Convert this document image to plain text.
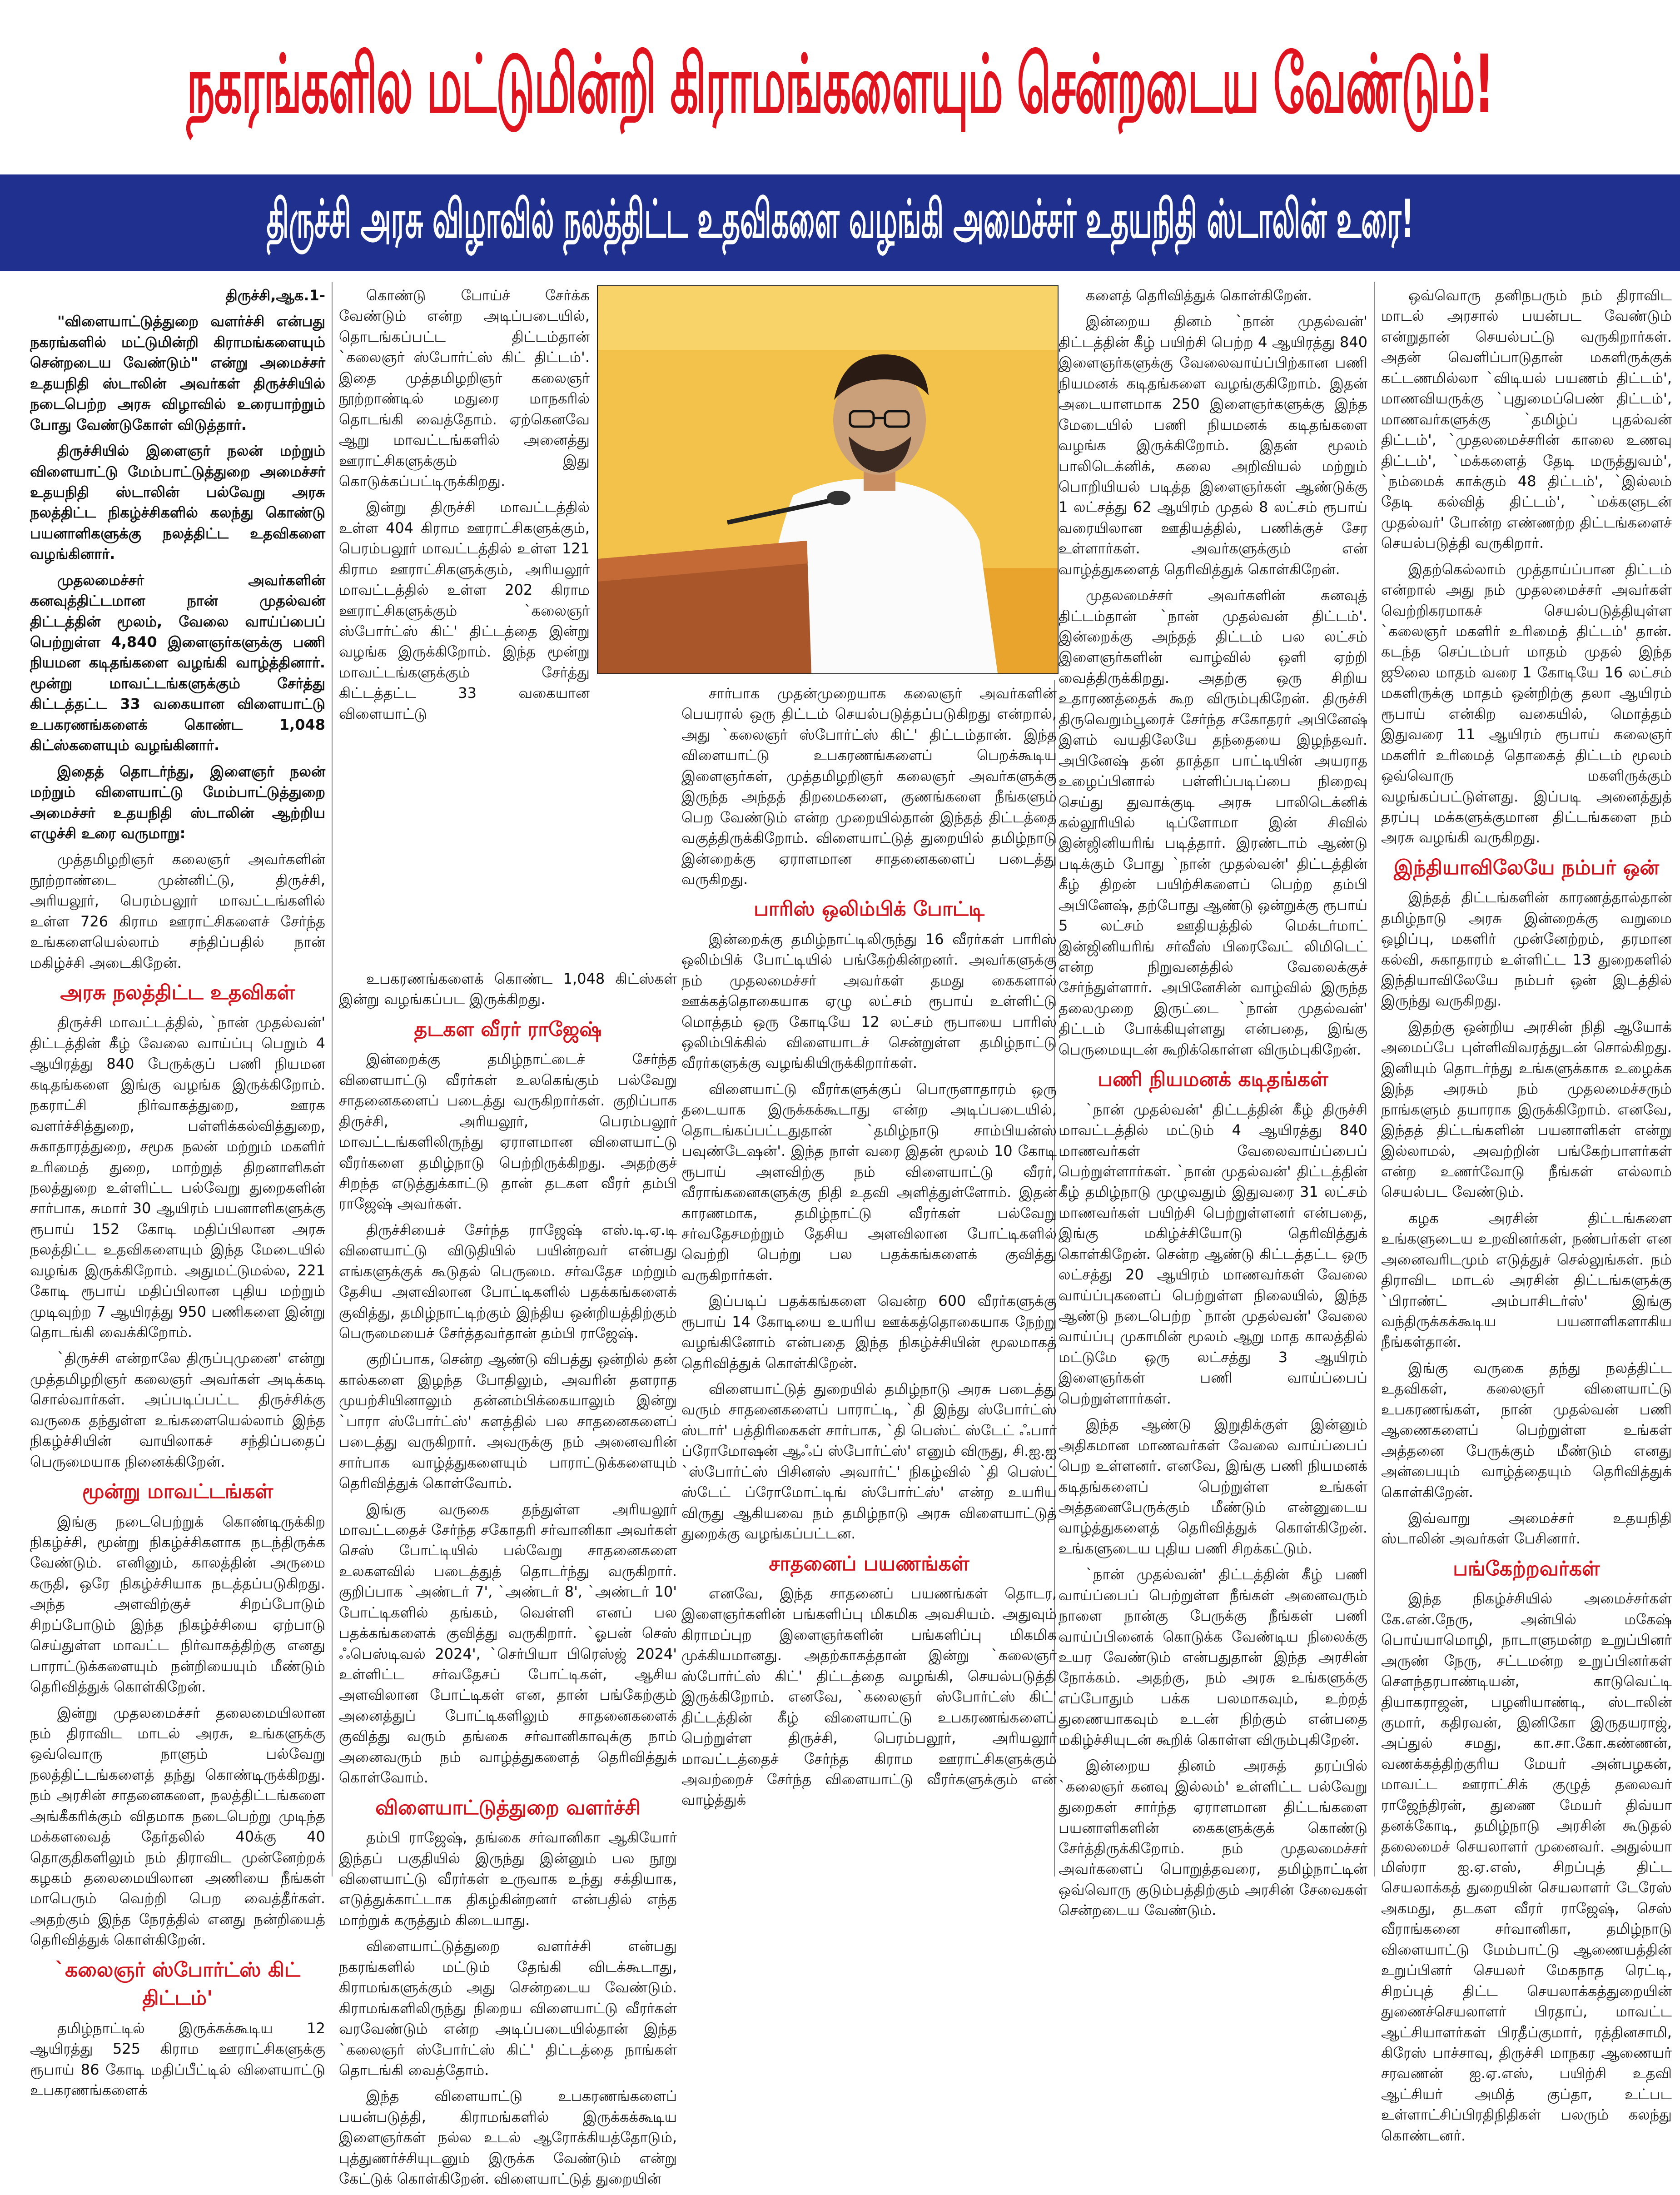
நகரங்களில மட்டுமின்றி கிராமங்களையும் சென்றடைய வேண்டும்!
திருச்சி அரசு விழாவில் நலத்திட்ட உதவிகளை வழங்கி அமைச்சர் உதயநிதி ஸ்டாலின் உரை!

திருச்சி,ஆக.1-

"விளையாட்டுத்துறை வளர்ச்சி என்பது நகரங்களில் மட்டுமின்றி கிராமங்களையும் சென்றடைய வேண்டும்" என்று அமைச்சர் உதயநிதி ஸ்டாலின் அவர்கள் திருச்சியில் நடைபெற்ற அரசு விழாவில் உரையாற்றும் போது வேண்டுகோள் விடுத்தார்.

திருச்சியில் இளைஞர் நலன் மற்றும் விளையாட்டு மேம்பாட்டுத்துறை அமைச்சர் உதயநிதி ஸ்டாலின் பல்வேறு அரசு நலத்திட்ட நிகழ்ச்சிகளில் கலந்து கொண்டு பயனாளிகளுக்கு நலத்திட்ட உதவிகளை வழங்கினார்.

முதலமைச்சர் அவர்களின் கனவுத்திட்டமான நான் முதல்வன் திட்டத்தின் மூலம், வேலை வாய்ப்பைப் பெற்றுள்ள 4,840 இளைஞர்களுக்கு பணி நியமன கடிதங்களை வழங்கி வாழ்த்தினார். மூன்று மாவட்டங்களுக்கும் சேர்த்து கிட்டத்தட்ட 33 வகையான விளையாட்டு உபகரணங்களைக் கொண்ட 1,048 கிட்ஸ்களையும் வழங்கினார்.

இதைத் தொடர்ந்து, இளைஞர் நலன் மற்றும் விளையாட்டு மேம்பாட்டுத்துறை அமைச்சர் உதயநிதி ஸ்டாலின் ஆற்றிய எழுச்சி உரை வருமாறு:

முத்தமிழறிஞர் கலைஞர் அவர்களின் நூற்றாண்டை முன்னிட்டு, திருச்சி, அரியலூர், பெரம்பலூர் மாவட்டங்களில் உள்ள 726 கிராம ஊராட்சிகளைச் சேர்ந்த உங்களையெல்லாம் சந்திப்பதில் நான் மகிழ்ச்சி அடைகிறேன்.

அரசு நலத்திட்ட உதவிகள்

திருச்சி மாவட்டத்தில், `நான் முதல்வன்' திட்டத்தின் கீழ் வேலை வாய்ப்பு பெறும் 4 ஆயிரத்து 840 பேருக்குப் பணி நியமன கடிதங்களை இங்கு வழங்க இருக்கிறோம். நகராட்சி நிர்வாகத்துறை, ஊரக வளர்ச்சித்துறை, பள்ளிக்கல்வித்துறை, சுகாதாரத்துறை, சமூக நலன் மற்றும் மகளிர் உரிமைத் துறை, மாற்றுத் திறனாளிகள் நலத்துறை உள்ளிட்ட பல்வேறு துறைகளின் சார்பாக, சுமார் 30 ஆயிரம் பயனாளிகளுக்கு ரூபாய் 152 கோடி மதிப்பிலான அரசு நலத்திட்ட உதவிகளையும் இந்த மேடையில் வழங்க இருக்கிறோம். அதுமட்டுமல்ல, 221 கோடி ரூபாய் மதிப்பிலான புதிய மற்றும் முடிவுற்ற 7 ஆயிரத்து 950 பணிகளை இன்று தொடங்கி வைக்கிறோம்.

`திருச்சி என்றாலே திருப்புமுனை' என்று முத்தமிழறிஞர் கலைஞர் அவர்கள் அடிக்கடி சொல்வார்கள். அப்படிப்பட்ட திருச்சிக்கு வருகை தந்துள்ள உங்களையெல்லாம் இந்த நிகழ்ச்சியின் வாயிலாகச் சந்திப்பதைப் பெருமையாக நினைக்கிறேன்.

மூன்று மாவட்டங்கள்

இங்கு நடைபெற்றுக் கொண்டிருக்கிற நிகழ்ச்சி, மூன்று நிகழ்ச்சிகளாக நடந்திருக்க வேண்டும். எனினும், காலத்தின் அருமை கருதி, ஒரே நிகழ்ச்சியாக நடத்தப்படுகிறது. அந்த அளவிற்குச் சிறப்போடும் சிறப்போடும் இந்த நிகழ்ச்சியை ஏற்பாடு செய்துள்ள மாவட்ட நிர்வாகத்திற்கு எனது பாராட்டுக்களையும் நன்றியையும் மீண்டும் தெரிவித்துக் கொள்கிறேன்.

இன்று முதலமைச்சர் தலைமையிலான நம் திராவிட மாடல் அரசு, உங்களுக்கு ஒவ்வொரு நாளும் பல்வேறு நலத்திட்டங்களைத் தந்து கொண்டிருக்கிறது. நம் அரசின் சாதனைகளை, நலத்திட்டங்களை அங்கீகரிக்கும் விதமாக நடைபெற்று முடிந்த மக்களவைத் தேர்தலில் 40க்கு 40 தொகுதிகளிலும் நம் திராவிட முன்னேற்றக் கழகம் தலைமையிலான அணியை நீங்கள் மாபெரும் வெற்றி பெற வைத்தீர்கள். அதற்கும் இந்த நேரத்தில் எனது நன்றியைத் தெரிவித்துக் கொள்கிறேன்.

`கலைஞர் ஸ்போர்ட்ஸ் கிட் திட்டம்'

தமிழ்நாட்டில் இருக்கக்கூடிய 12 ஆயிரத்து 525 கிராம ஊராட்சிகளுக்கு ரூபாய் 86 கோடி மதிப்பீட்டில் விளையாட்டு உபகரணங்களைக்

கொண்டு போய்ச் சேர்க்க வேண்டும் என்ற அடிப்படையில், தொடங்கப்பட்ட திட்டம்தான் `கலைஞர் ஸ்போர்ட்ஸ் கிட் திட்டம்'. இதை முத்தமிழறிஞர் கலைஞர் நூற்றாண்டில் மதுரை மாநகரில் தொடங்கி வைத்தோம். ஏற்கெனவே ஆறு மாவட்டங்களில் அனைத்து ஊராட்சிகளுக்கும் இது கொடுக்கப்பட்டிருக்கிறது.

இன்று திருச்சி மாவட்டத்தில் உள்ள 404 கிராம ஊராட்சிகளுக்கும், பெரம்பலூர் மாவட்டத்தில் உள்ள 121 கிராம ஊராட்சிகளுக்கும், அரியலூர் மாவட்டத்தில் உள்ள 202 கிராம ஊராட்சிகளுக்கும் `கலைஞர் ஸ்போர்ட்ஸ் கிட்' திட்டத்தை இன்று வழங்க இருக்கிறோம். இந்த மூன்று மாவட்டங்களுக்கும் சேர்த்து கிட்டத்தட்ட 33 வகையான விளையாட்டு

உபகரணங்களைக் கொண்ட 1,048 கிட்ஸ்கள் இன்று வழங்கப்பட இருக்கிறது.

தடகள வீரர் ராஜேஷ்

இன்றைக்கு தமிழ்நாட்டைச் சேர்ந்த விளையாட்டு வீரர்கள் உலகெங்கும் பல்வேறு சாதனைகளைப் படைத்து வருகிறார்கள். குறிப்பாக திருச்சி, அரியலூர், பெரம்பலூர் மாவட்டங்களிலிருந்து ஏராளமான விளையாட்டு வீரர்களை தமிழ்நாடு பெற்றிருக்கிறது. அதற்குச் சிறந்த எடுத்துக்காட்டு தான் தடகள வீரர் தம்பி ராஜேஷ் அவர்கள்.

திருச்சியைச் சேர்ந்த ராஜேஷ் எஸ்.டி.ஏ.டி விளையாட்டு விடுதியில் பயின்றவர் என்பது எங்களுக்குக் கூடுதல் பெருமை. சர்வதேச மற்றும் தேசிய அளவிலான போட்டிகளில் பதக்கங்களைக் குவித்து, தமிழ்நாட்டிற்கும் இந்திய ஒன்றியத்திற்கும் பெருமையைச் சேர்த்தவர்தான் தம்பி ராஜேஷ்.

குறிப்பாக, சென்ற ஆண்டு விபத்து ஒன்றில் தன் கால்களை இழந்த போதிலும், அவரின் தளராத முயற்சியினாலும் தன்னம்பிக்கையாலும் இன்று `பாரா ஸ்போர்ட்ஸ்' களத்தில் பல சாதனைகளைப் படைத்து வருகிறார். அவருக்கு நம் அனைவரின் சார்பாக வாழ்த்துகளையும் பாராட்டுக்களையும் தெரிவித்துக் கொள்வோம்.

இங்கு வருகை தந்துள்ள அரியலூர் மாவட்டதைச் சேர்ந்த சகோதரி சர்வானிகா அவர்கள் செஸ் போட்டியில் பல்வேறு சாதனைகளை உலகளவில் படைத்துத் தொடர்ந்து வருகிறார். குறிப்பாக `அண்டர் 7', `அண்டர் 8', `அண்டர் 10' போட்டிகளில் தங்கம், வெள்ளி எனப் பல பதக்கங்களைக் குவித்து வருகிறார். `ஓபன் செஸ் ஃபெஸ்டிவல் 2024', `செர்பியா பிரெஸ்ஜ் 2024' உள்ளிட்ட சர்வதேசப் போட்டிகள், ஆசிய அளவிலான போட்டிகள் என, தான் பங்கேற்கும் அனைத்துப் போட்டிகளிலும் சாதனைகளைக் குவித்து வரும் தங்கை சர்வானிகாவுக்கு நாம் அனைவரும் நம் வாழ்த்துகளைத் தெரிவித்துக் கொள்வோம்.

விளையாட்டுத்துறை வளர்ச்சி

தம்பி ராஜேஷ், தங்கை சர்வானிகா ஆகியோர் இந்தப் பகுதியில் இருந்து இன்னும் பல நூறு விளையாட்டு வீரர்கள் உருவாக உந்து சக்தியாக, எடுத்துக்காட்டாக திகழ்கின்றனர் என்பதில் எந்த மாற்றுக் கருத்தும் கிடையாது.

விளையாட்டுத்துறை வளர்ச்சி என்பது நகரங்களில் மட்டும் தேங்கி விடக்கூடாது, கிராமங்களுக்கும் அது சென்றடைய வேண்டும். கிராமங்களிலிருந்து நிறைய விளையாட்டு வீரர்கள் வரவேண்டும் என்ற அடிப்படையில்தான் இந்த `கலைஞர் ஸ்போர்ட்ஸ் கிட்' திட்டத்தை நாங்கள் தொடங்கி வைத்தோம்.

இந்த விளையாட்டு உபகரணங்களைப் பயன்படுத்தி, கிராமங்களில் இருக்கக்கூடிய இளைஞர்கள் நல்ல உடல் ஆரோக்கியத்தோடும், புத்துணர்ச்சியுடனும் இருக்க வேண்டும் என்று கேட்டுக் கொள்கிறேன். விளையாட்டுத் துறையின்

சார்பாக முதன்முறையாக கலைஞர் அவர்களின் பெயரால் ஒரு திட்டம் செயல்படுத்தப்படுகிறது என்றால், அது `கலைஞர் ஸ்போர்ட்ஸ் கிட்' திட்டம்தான். இந்த விளையாட்டு உபகரணங்களைப் பெறக்கூடிய இளைஞர்கள், முத்தமிழறிஞர் கலைஞர் அவர்களுக்கு இருந்த அந்தத் திறமைகளை, குணங்களை நீங்களும் பெற வேண்டும் என்ற முறையில்தான் இந்தத் திட்டத்தை வகுத்திருக்கிறோம். விளையாட்டுத் துறையில் தமிழ்நாடு இன்றைக்கு ஏராளமான சாதனைகளைப் படைத்து வருகிறது.

பாரிஸ் ஒலிம்பிக் போட்டி

இன்றைக்கு தமிழ்நாட்டிலிருந்து 16 வீரர்கள் பாரிஸ் ஒலிம்பிக் போட்டியில் பங்கேற்கின்றனர். அவர்களுக்கு நம் முதலமைச்சர் அவர்கள் தமது கைகளால் ஊக்கத்தொகையாக ஏழு லட்சம் ரூபாய் உள்ளிட்டு மொத்தம் ஒரு கோடியே 12 லட்சம் ரூபாயை பாரிஸ் ஒலிம்பிக்கில் விளையாடச் சென்றுள்ள தமிழ்நாட்டு வீரர்களுக்கு வழங்கியிருக்கிறார்கள்.

விளையாட்டு வீரர்களுக்குப் பொருளாதாரம் ஒரு தடையாக இருக்கக்கூடாது என்ற அடிப்படையில், தொடங்கப்பட்டதுதான் `தமிழ்நாடு சாம்பியன்ஸ் பவுண்டேஷன்'. இந்த நாள் வரை இதன் மூலம் 10 கோடி ரூபாய் அளவிற்கு நம் விளையாட்டு வீரர், வீராங்கனைகளுக்கு நிதி உதவி அளித்துள்ளோம். இதன் காரணமாக, தமிழ்நாட்டு வீரர்கள் பல்வேறு சர்வதேசமற்றும் தேசிய அளவிலான போட்டிகளில் வெற்றி பெற்று பல பதக்கங்களைக் குவித்து வருகிறார்கள்.

இப்படிப் பதக்கங்களை வென்ற 600 வீரர்களுக்கு ரூபாய் 14 கோடியை உயரிய ஊக்கத்தொகையாக நேற்று வழங்கினோம் என்பதை இந்த நிகழ்ச்சியின் மூலமாகத் தெரிவித்துக் கொள்கிறேன்.

விளையாட்டுத் துறையில் தமிழ்நாடு அரசு படைத்து வரும் சாதனைகளைப் பாராட்டி, `தி இந்து ஸ்போர்ட்ஸ் ஸ்டார்' பத்திரிகைகள் சார்பாக, `தி பெஸ்ட் ஸ்டேட் ஃபார் ப்ரோமோஷன் ஆஃப் ஸ்போர்ட்ஸ்' எனும் விருது, சி.ஐ.ஐ `ஸ்போர்ட்ஸ் பிசினஸ் அவார்ட்' நிகழ்வில் `தி பெஸ்ட் ஸ்டேட் ப்ரோமோட்டிங் ஸ்போர்ட்ஸ்' என்ற உயரிய விருது ஆகியவை நம் தமிழ்நாடு அரசு விளையாட்டுத் துறைக்கு வழங்கப்பட்டன.

சாதனைப் பயணங்கள்

எனவே, இந்த சாதனைப் பயணங்கள் தொடர, இளைஞர்களின் பங்களிப்பு மிகமிக அவசியம். அதுவும் கிராமப்புற இளைஞர்களின் பங்களிப்பு மிகமிக முக்கியமானது. அதற்காகத்தான் இன்று `கலைஞர் ஸ்போர்ட்ஸ் கிட்' திட்டத்தை வழங்கி, செயல்படுத்தி இருக்கிறோம். எனவே, `கலைஞர் ஸ்போர்ட்ஸ் கிட்' திட்டத்தின் கீழ் விளையாட்டு உபகரணங்களைப் பெற்றுள்ள திருச்சி, பெரம்பலூர், அரியலூர் மாவட்டத்தைச் சேர்ந்த கிராம ஊராட்சிகளுக்கும் அவற்றைச் சேர்ந்த விளையாட்டு வீரர்களுக்கும் என் வாழ்த்துக்

களைத் தெரிவித்துக் கொள்கிறேன்.

இன்றைய தினம் `நான் முதல்வன்' திட்டத்தின் கீழ் பயிற்சி பெற்ற 4 ஆயிரத்து 840 இளைஞர்களுக்கு வேலைவாய்ப்பிற்கான பணி நியமனக் கடிதங்களை வழங்குகிறோம். இதன் அடையாளமாக 250 இளைஞர்களுக்கு இந்த மேடையில் பணி நியமனக் கடிதங்களை வழங்க இருக்கிறோம். இதன் மூலம் பாலிடெக்னிக், கலை அறிவியல் மற்றும் பொறியியல் படித்த இளைஞர்கள் ஆண்டுக்கு 1 லட்சத்து 62 ஆயிரம் முதல் 8 லட்சம் ரூபாய் வரையிலான ஊதியத்தில், பணிக்குச் சேர உள்ளார்கள். அவர்களுக்கும் என் வாழ்த்துகளைத் தெரிவித்துக் கொள்கிறேன்.

முதலமைச்சர் அவர்களின் கனவுத் திட்டம்தான் `நான் முதல்வன் திட்டம்'. இன்றைக்கு அந்தத் திட்டம் பல லட்சம் இளைஞர்களின் வாழ்வில் ஒளி ஏற்றி வைத்திருக்கிறது. அதற்கு ஒரு சிறிய உதாரணத்தைக் கூற விரும்புகிறேன். திருச்சி திருவெறும்பூரைச் சேர்ந்த சகோதரர் அபினேஷ் இளம் வயதிலேயே தந்தையை இழந்தவர். அபினேஷ் தன் தாத்தா பாட்டியின் அயராத உழைப்பினால் பள்ளிப்படிப்பை நிறைவு செய்து துவாக்குடி அரசு பாலிடெக்னிக் கல்லூரியில் டிப்ளோமா இன் சிவில் இன்ஜினியரிங் படித்தார். இரண்டாம் ஆண்டு படிக்கும் போது `நான் முதல்வன்' திட்டத்தின் கீழ் திறன் பயிற்சிகளைப் பெற்ற தம்பி அபினேஷ், தற்போது ஆண்டு ஒன்றுக்கு ரூபாய் 5 லட்சம் ஊதியத்தில் மெக்டர்மாட் இன்ஜினியரிங் சர்வீஸ் பிரைவேட் லிமிடெட் என்ற நிறுவனத்தில் வேலைக்குச் சேர்ந்துள்ளார். அபினேசின் வாழ்வில் இருந்த தலைமுறை இருட்டை `நான் முதல்வன்' திட்டம் போக்கியுள்ளது என்பதை, இங்கு பெருமையுடன் கூறிக்கொள்ள விரும்புகிறேன்.

பணி நியமனக் கடிதங்கள்

`நான் முதல்வன்' திட்டத்தின் கீழ் திருச்சி மாவட்டத்தில் மட்டும் 4 ஆயிரத்து 840 மாணவர்கள் வேலைவாய்ப்பைப் பெற்றுள்ளார்கள். `நான் முதல்வன்' திட்டத்தின் கீழ் தமிழ்நாடு முழுவதும் இதுவரை 31 லட்சம் மாணவர்கள் பயிற்சி பெற்றுள்ளனர் என்பதை, இங்கு மகிழ்ச்சியோடு தெரிவித்துக் கொள்கிறேன். சென்ற ஆண்டு கிட்டத்தட்ட ஒரு லட்சத்து 20 ஆயிரம் மாணவர்கள் வேலை வாய்ப்புகளைப் பெற்றுள்ள நிலையில், இந்த ஆண்டு நடைபெற்ற `நான் முதல்வன்' வேலை வாய்ப்பு முகாமின் மூலம் ஆறு மாத காலத்தில் மட்டுமே ஒரு லட்சத்து 3 ஆயிரம் இளைஞர்கள் பணி வாய்ப்பைப் பெற்றுள்ளார்கள்.

இந்த ஆண்டு இறுதிக்குள் இன்னும் அதிகமான மாணவர்கள் வேலை வாய்ப்பைப் பெற உள்ளனர். எனவே, இங்கு பணி நியமனக் கடிதங்களைப் பெற்றுள்ள உங்கள் அத்தனைபேருக்கும் மீண்டும் என்னுடைய வாழ்த்துகளைத் தெரிவித்துக் கொள்கிறேன். உங்களுடைய புதிய பணி சிறக்கட்டும்.

`நான் முதல்வன்' திட்டத்தின் கீழ் பணி வாய்ப்பைப் பெற்றுள்ள நீங்கள் அனைவரும் நாளை நான்கு பேருக்கு நீங்கள் பணி வாய்ப்பினைக் கொடுக்க வேண்டிய நிலைக்கு உயர வேண்டும் என்பதுதான் இந்த அரசின் நோக்கம். அதற்கு, நம் அரசு உங்களுக்கு எப்போதும் பக்க பலமாகவும், உற்றத் துணையாகவும் உடன் நிற்கும் என்பதை மகிழ்ச்சியுடன் கூறிக் கொள்ள விரும்புகிறேன்.

இன்றைய தினம் அரசுத் தரப்பில் `கலைஞர் கனவு இல்லம்' உள்ளிட்ட பல்வேறு துறைகள் சார்ந்த ஏராளமான திட்டங்களை பயனாளிகளின் கைகளுக்குக் கொண்டு சேர்த்திருக்கிறோம். நம் முதலமைச்சர் அவர்களைப் பொறுத்தவரை, தமிழ்நாட்டின் ஒவ்வொரு குடும்பத்திற்கும் அரசின் சேவைகள் சென்றடைய வேண்டும்.

ஒவ்வொரு தனிநபரும் நம் திராவிட மாடல் அரசால் பயன்பட வேண்டும் என்றுதான் செயல்பட்டு வருகிறார்கள். அதன் வெளிப்பாடுதான் மகளிருக்குக் கட்டணமில்லா `விடியல் பயணம் திட்டம்', மாணவியருக்கு `புதுமைப்பெண் திட்டம்', மாணவர்களுக்கு `தமிழ்ப் புதல்வன் திட்டம்', `முதலமைச்சரின் காலை உணவு திட்டம்', `மக்களைத் தேடி மருத்துவம்', `நம்மைக் காக்கும் 48 திட்டம்', `இல்லம் தேடி கல்வித் திட்டம்', `மக்களுடன் முதல்வர்' போன்ற எண்ணற்ற திட்டங்களைச் செயல்படுத்தி வருகிறார்.

இதற்கெல்லாம் முத்தாய்ப்பான திட்டம் என்றால் அது நம் முதலமைச்சர் அவர்கள் வெற்றிகரமாகச் செயல்படுத்தியுள்ள `கலைஞர் மகளிர் உரிமைத் திட்டம்' தான். கடந்த செப்டம்பர் மாதம் முதல் இந்த ஜூலை மாதம் வரை 1 கோடியே 16 லட்சம் மகளிருக்கு மாதம் ஒன்றிற்கு தலா ஆயிரம் ரூபாய் என்கிற வகையில், மொத்தம் இதுவரை 11 ஆயிரம் ரூபாய் கலைஞர் மகளிர் உரிமைத் தொகைத் திட்டம் மூலம் ஒவ்வொரு மகளிருக்கும் வழங்கப்பட்டுள்ளது. இப்படி அனைத்துத் தரப்பு மக்களுக்குமான திட்டங்களை நம் அரசு வழங்கி வருகிறது.

இந்தியாவிலேயே நம்பர் ஒன்

இந்தத் திட்டங்களின் காரணத்தால்தான் தமிழ்நாடு அரசு இன்றைக்கு வறுமை ஒழிப்பு, மகளிர் முன்னேற்றம், தரமான கல்வி, சுகாதாரம் உள்ளிட்ட 13 துறைகளில் இந்தியாவிலேயே நம்பர் ஒன் இடத்தில் இருந்து வருகிறது.

இதற்கு ஒன்றிய அரசின் நிதி ஆயோக் அமைப்பே புள்ளிவிவரத்துடன் சொல்கிறது. இனியும் தொடர்ந்து உங்களுக்காக உழைக்க இந்த அரசும் நம் முதலமைச்சரும் நாங்களும் தயாராக இருக்கிறோம். எனவே, இந்தத் திட்டங்களின் பயனாளிகள் என்று இல்லாமல், அவற்றின் பங்கேற்பாளர்கள் என்ற உணர்வோடு நீங்கள் எல்லாம் செயல்பட வேண்டும்.

கழக அரசின் திட்டங்களை உங்களுடைய உறவினர்கள், நண்பர்கள் என அனைவரிடமும் எடுத்துச் செல்லுங்கள். நம் திராவிட மாடல் அரசின் திட்டங்களுக்கு `பிராண்ட் அம்பாசிடர்ஸ்' இங்கு வந்திருக்கக்கூடிய பயனாளிகளாகிய நீங்கள்தான்.

இங்கு வருகை தந்து நலத்திட்ட உதவிகள், கலைஞர் விளையாட்டு உபகரணங்கள், நான் முதல்வன் பணி ஆணைகளைப் பெற்றுள்ள உங்கள் அத்தனை பேருக்கும் மீண்டும் எனது அன்பையும் வாழ்த்தையும் தெரிவித்துக் கொள்கிறேன்.

இவ்வாறு அமைச்சர் உதயநிதி ஸ்டாலின் அவர்கள் பேசினார்.

பங்கேற்றவர்கள்

இந்த நிகழ்ச்சியில் அமைச்சர்கள் கே.என்.நேரு, அன்பில் மகேஷ் பொய்யாமொழி, நாடாளுமன்ற உறுப்பினர் அருண் நேரு, சட்டமன்ற உறுப்பினர்கள் சௌந்தரபாண்டியன், காடுவெட்டி தியாகராஜன், பழனியாண்டி, ஸ்டாலின் குமார், கதிரவன், இனிகோ இருதயராஜ், அப்துல் சமது, கா.சா.கோ.கண்ணன், வணக்கத்திற்குரிய மேயர் அன்பழகன், மாவட்ட ஊராட்சிக் குழுத் தலைவர் ராஜேந்திரன், துணை மேயர் திவ்யா தனக்கோடி, தமிழ்நாடு அரசின் கூடுதல் தலைமைச் செயலாளர் முனைவர். அதுல்யா மிஸ்ரா ஐ.ஏ.எஸ், சிறப்புத் திட்ட செயலாக்கத் துறையின் செயலாளர் டேரேஸ் அகமது, தடகள வீரர் ராஜேஷ், செஸ் வீராங்கனை சர்வானிகா, தமிழ்நாடு விளையாட்டு மேம்பாட்டு ஆணையத்தின் உறுப்பினர் செயலர் மேகநாத ரெட்டி, சிறப்புத் திட்ட செயலாக்கத்துறையின் துணைச்செயலாளர் பிரதாப், மாவட்ட ஆட்சியாளர்கள் பிரதீப்குமார், ரத்தினசாமி, கிரேஸ் பாச்சாவு, திருச்சி மாநகர ஆணையர் சரவணன் ஐ.ஏ.எஸ், பயிற்சி உதவி ஆட்சியர் அமித் குப்தா, உட்பட உள்ளாட்சிப்பிரதிநிதிகள் பலரும் கலந்து கொண்டனர்.
